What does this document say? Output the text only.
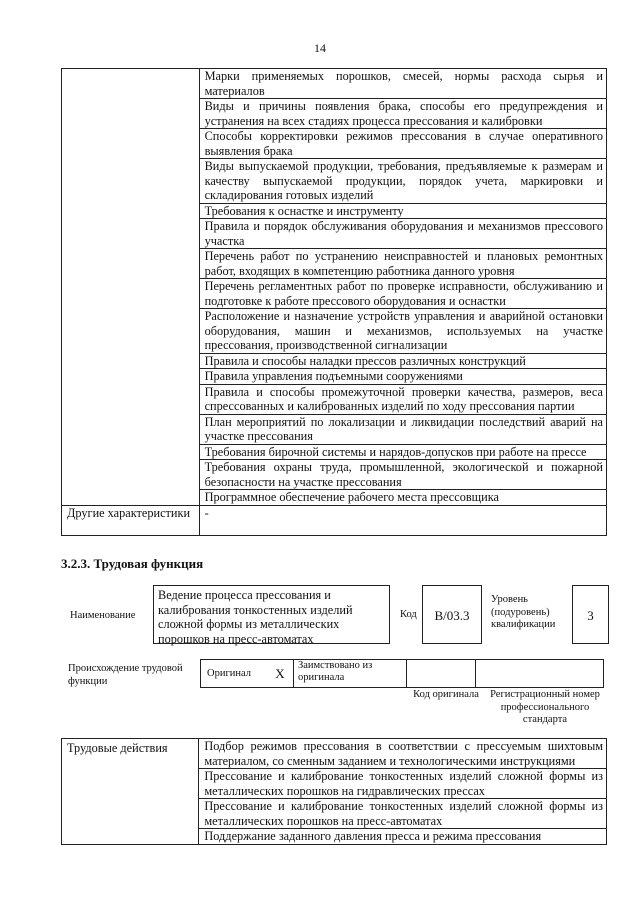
14

	Марки применяемых порошков, смесей, нормы расхода сырья и материалов

	Виды и причины появления брака, способы его предупреждения и устранения на всех стадиях процесса прессования и калибровки

	Способы корректировки режимов прессования в случае оперативного выявления брака

	Виды выпускаемой продукции, требования, предъявляемые к размерам и качеству выпускаемой продукции, порядок учета, маркировки и складирования готовых изделий

	Требования к оснастке и инструменту

	Правила и порядок обслуживания оборудования и механизмов прессового участка

	Перечень работ по устранению неисправностей и плановых ремонтных работ, входящих в компетенцию работника данного уровня

	Перечень регламентных работ по проверке исправности, обслуживанию и подготовке к работе прессового оборудования и оснастки

	Расположение и назначение устройств управления и аварийной остановки оборудования, машин и механизмов, используемых на участке прессования, производственной сигнализации

	Правила и способы наладки прессов различных конструкций

	Правила управления подъемными сооружениями

	Правила и способы промежуточной проверки качества, размеров, веса спрессованных и калиброванных изделий по ходу прессования партии

	План мероприятий по локализации и ликвидации последствий аварий на участке прессования

	Требования бирочной системы и нарядов-допусков при работе на прессе

	Требования охраны труда, промышленной, экологической и пожарной безопасности на участке прессования

	Программное обеспечение рабочего места прессовщика

Другие характеристики	-
3.2.3. Трудовая функция
Наименование
Ведение процесса прессования и калибрования тонкостенных изделий сложной формы из металлических порошков на пресс-автоматах
Код	B/03.3
Уровень (подуровень) квалификации
3
Происхождение трудовой функции
Оригинал	X	Заимствовано из оригинала		
Код оригинала	Регистрационный номер профессионального стандарта
Трудовые действия	Подбор режимов прессования в соответствии с прессуемым шихтовым материалом, со сменным заданием и технологическими инструкциями

Прессование и калибрование тонкостенных изделий сложной формы из металлических порошков на гидравлических прессах

Прессование и калибрование тонкостенных изделий сложной формы из металлических порошков на пресс-автоматах

Поддержание заданного давления пресса и режима прессования
